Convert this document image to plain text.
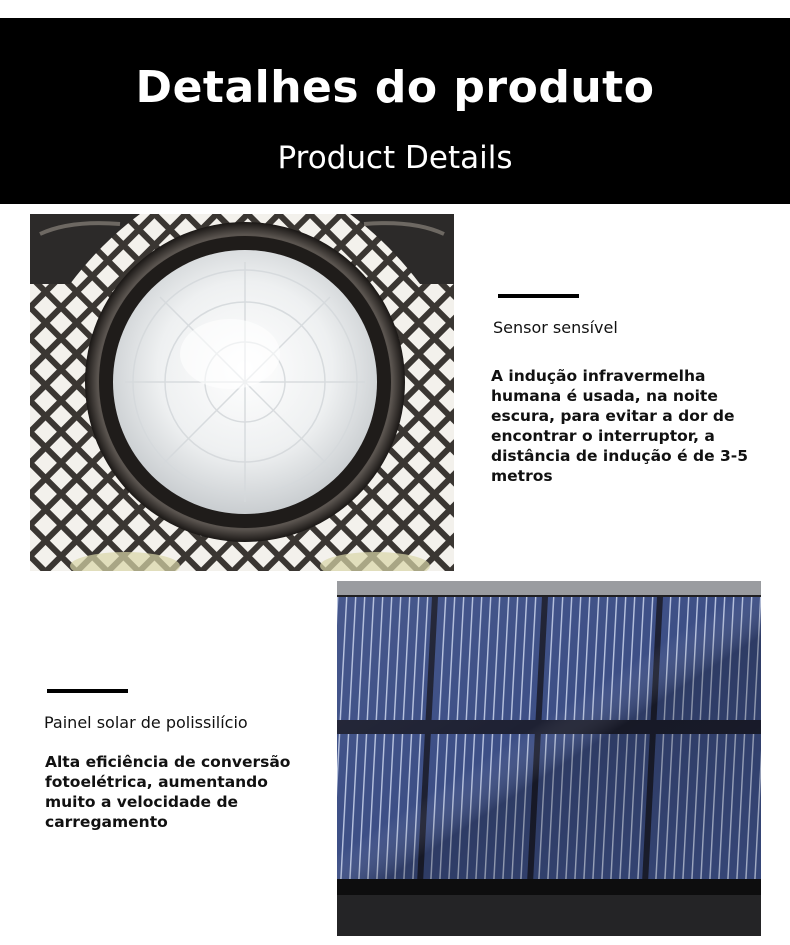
Detalhes do produto
Product Details
Sensor sensível
A indução infravermelha
humana é usada, na noite
escura, para evitar a dor de
encontrar o interruptor, a
distância de indução é de 3-5
metros
Painel solar de polissilício
Alta eficiência de conversão
fotoelétrica, aumentando
muito a velocidade de
carregamento
